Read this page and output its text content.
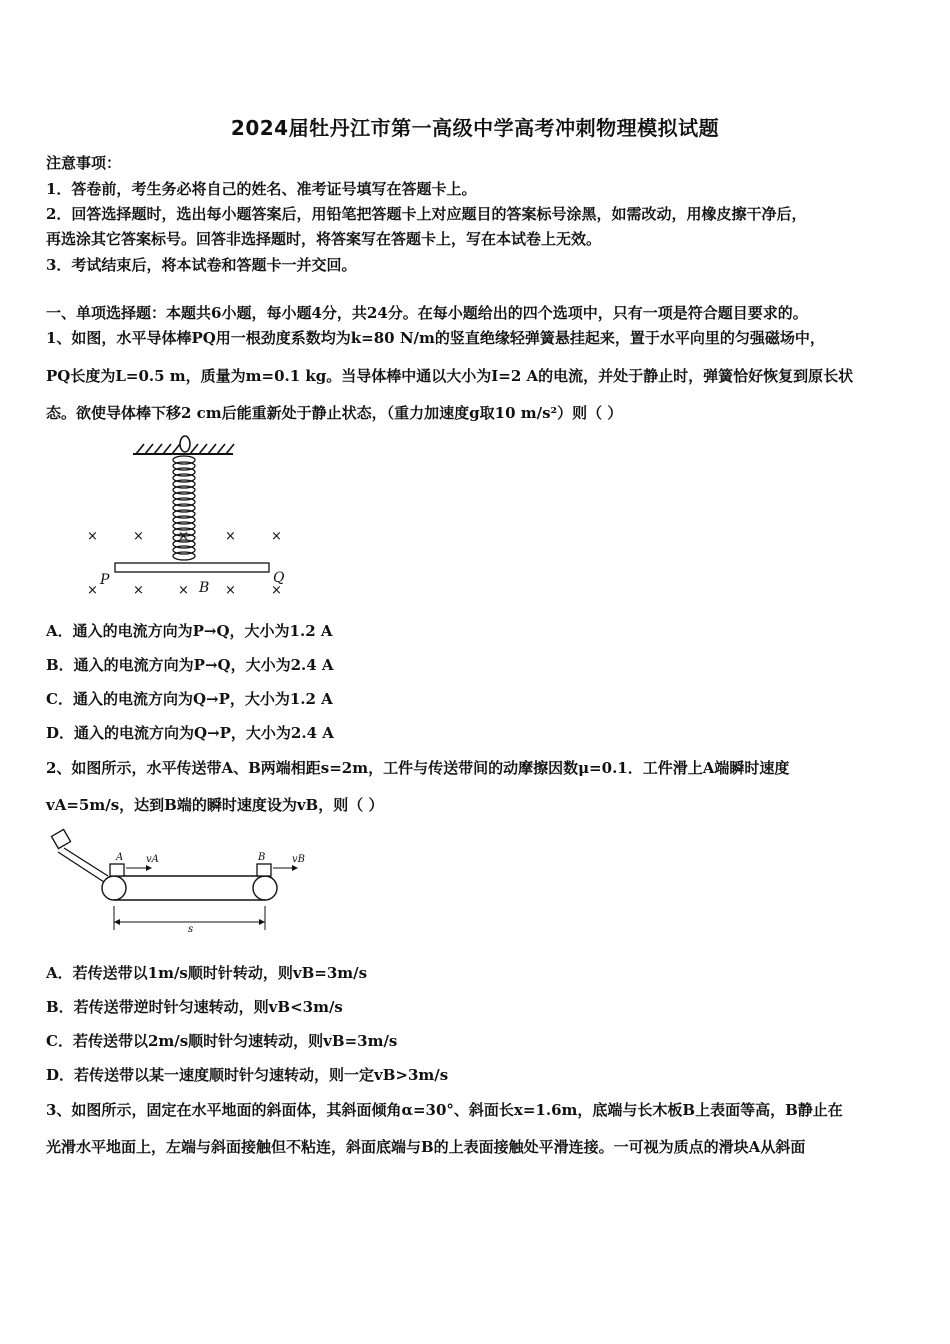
2024届牡丹江市第一高级中学高考冲刺物理模拟试题
注意事项：
1．答卷前，考生务必将自己的姓名、准考证号填写在答题卡上。
2．回答选择题时，选出每小题答案后，用铅笔把答题卡上对应题目的答案标号涂黑，如需改动，用橡皮擦干净后，
再选涂其它答案标号。回答非选择题时，将答案写在答题卡上，写在本试卷上无效。
3．考试结束后，将本试卷和答题卡一并交回。
一、单项选择题：本题共6小题，每小题4分，共24分。在每小题给出的四个选项中，只有一项是符合题目要求的。
1、如图，水平导体棒PQ用一根劲度系数均为k=80 N/m的竖直绝缘轻弹簧悬挂起来，置于水平向里的匀强磁场中，
PQ长度为L=0.5 m，质量为m=0.1 kg。当导体棒中通以大小为I=2 A的电流，并处于静止时，弹簧恰好恢复到原长状
态。欲使导体棒下移2 cm后能重新处于静止状态，（重力加速度g取10 m/s²）则（ ）
×	×	×	×	×
×	×	×	×	×
P	Q
B
A．通入的电流方向为P→Q，大小为1.2 A
B．通入的电流方向为P→Q，大小为2.4 A
C．通入的电流方向为Q→P，大小为1.2 A
D．通入的电流方向为Q→P，大小为2.4 A
2、如图所示，水平传送带A、B两端相距s=2m，工件与传送带间的动摩擦因数μ=0.1．工件滑上A端瞬时速度
vA=5m/s，达到B端的瞬时速度设为vB，则（ ）
A	B
vA	vB
s
A．若传送带以1m/s顺时针转动，则vB=3m/s
B．若传送带逆时针匀速转动，则vB<3m/s
C．若传送带以2m/s顺时针匀速转动，则vB=3m/s
D．若传送带以某一速度顺时针匀速转动，则一定vB>3m/s
3、如图所示，固定在水平地面的斜面体，其斜面倾角α=30°、斜面长x=1.6m，底端与长木板B上表面等高，B静止在
光滑水平地面上，左端与斜面接触但不粘连，斜面底端与B的上表面接触处平滑连接。一可视为质点的滑块A从斜面
